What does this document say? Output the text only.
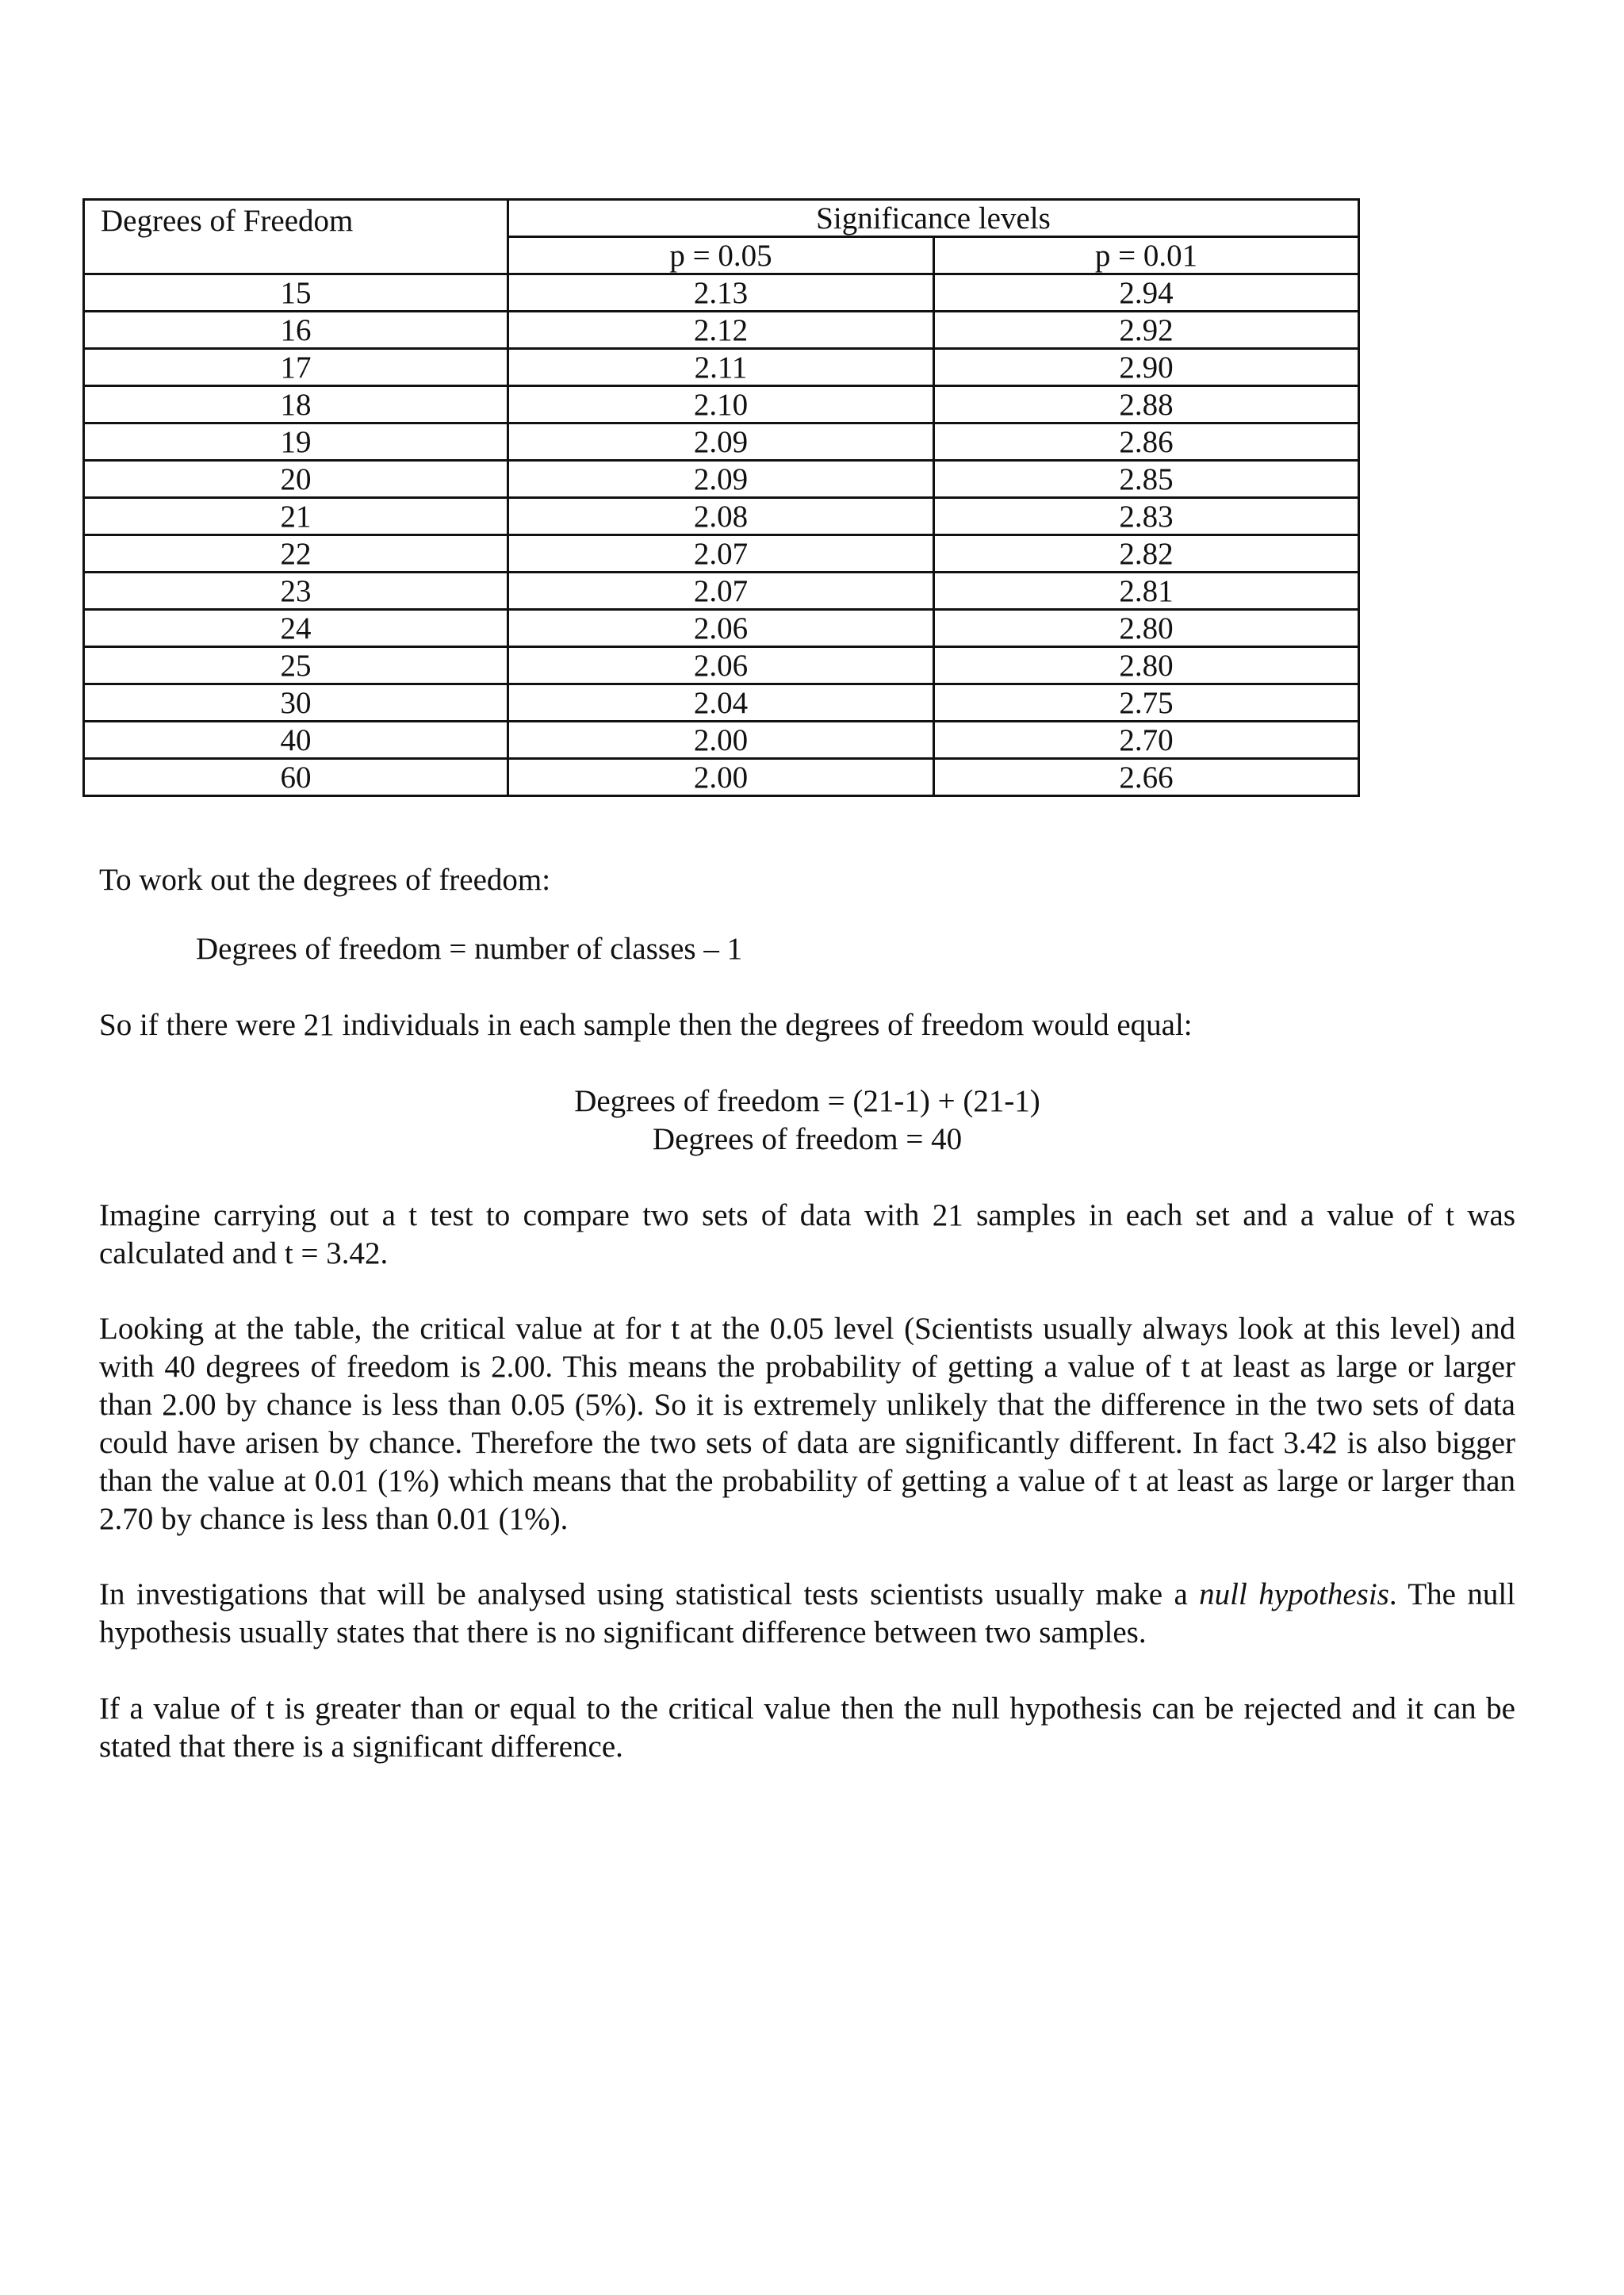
Degrees of Freedom	Significance levels	
	p = 0.05	p = 0.01
15	2.13	2.94
16	2.12	2.92
17	2.11	2.90
18	2.10	2.88
19	2.09	2.86
20	2.09	2.85
21	2.08	2.83
22	2.07	2.82
23	2.07	2.81
24	2.06	2.80
25	2.06	2.80
30	2.04	2.75
40	2.00	2.70
60	2.00	2.66

To work out the degrees of freedom:

Degrees of freedom = number of classes – 1

So if there were 21 individuals in each sample then the degrees of freedom would equal:

Degrees of freedom = (21-1) + (21-1)

Degrees of freedom = 40

Imagine carrying out a t test to compare two sets of data with 21 samples in each set and a value of t was calculated and t = 3.42.

Looking at the table, the critical value at for t at the 0.05 level (Scientists usually always look at this level) and with 40 degrees of freedom is 2.00. This means the probability of getting a value of t at least as large or larger than 2.00 by chance is less than 0.05 (5%). So it is extremely unlikely that the difference in the two sets of data could have arisen by chance. Therefore the two sets of data are significantly different. In fact 3.42 is also bigger than the value at 0.01 (1%) which means that the probability of getting a value of t at least as large or larger than 2.70 by chance is less than 0.01 (1%).

In investigations that will be analysed using statistical tests scientists usually make a null hypothesis. The null hypothesis usually states that there is no significant difference between two samples.

If a value of t is greater than or equal to the critical value then the null hypothesis can be rejected and it can be stated that there is a significant difference.
